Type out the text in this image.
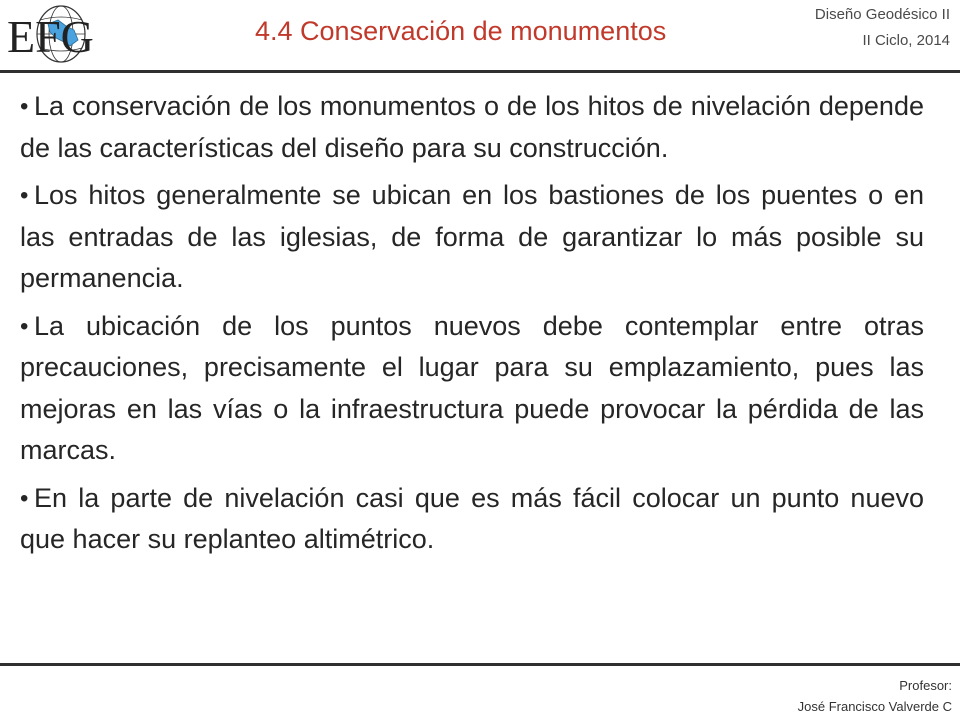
EFG	4.4 Conservación de monumentos
Diseño Geodésico II
II Ciclo, 2014
• La conservación de los monumentos o de los hitos de nivelación depende de las características del diseño para su construcción.
• Los hitos generalmente se ubican en los bastiones de los puentes o en las entradas de las iglesias, de forma de garantizar lo más posible su permanencia.
• La ubicación de los puntos nuevos debe contemplar entre otras precauciones, precisamente el lugar para su emplazamiento, pues las mejoras en las vías o la infraestructura puede provocar la pérdida de las marcas.
• En la parte de nivelación casi que es más fácil colocar un punto nuevo que hacer su replanteo altimétrico.
Profesor:
José Francisco Valverde C
